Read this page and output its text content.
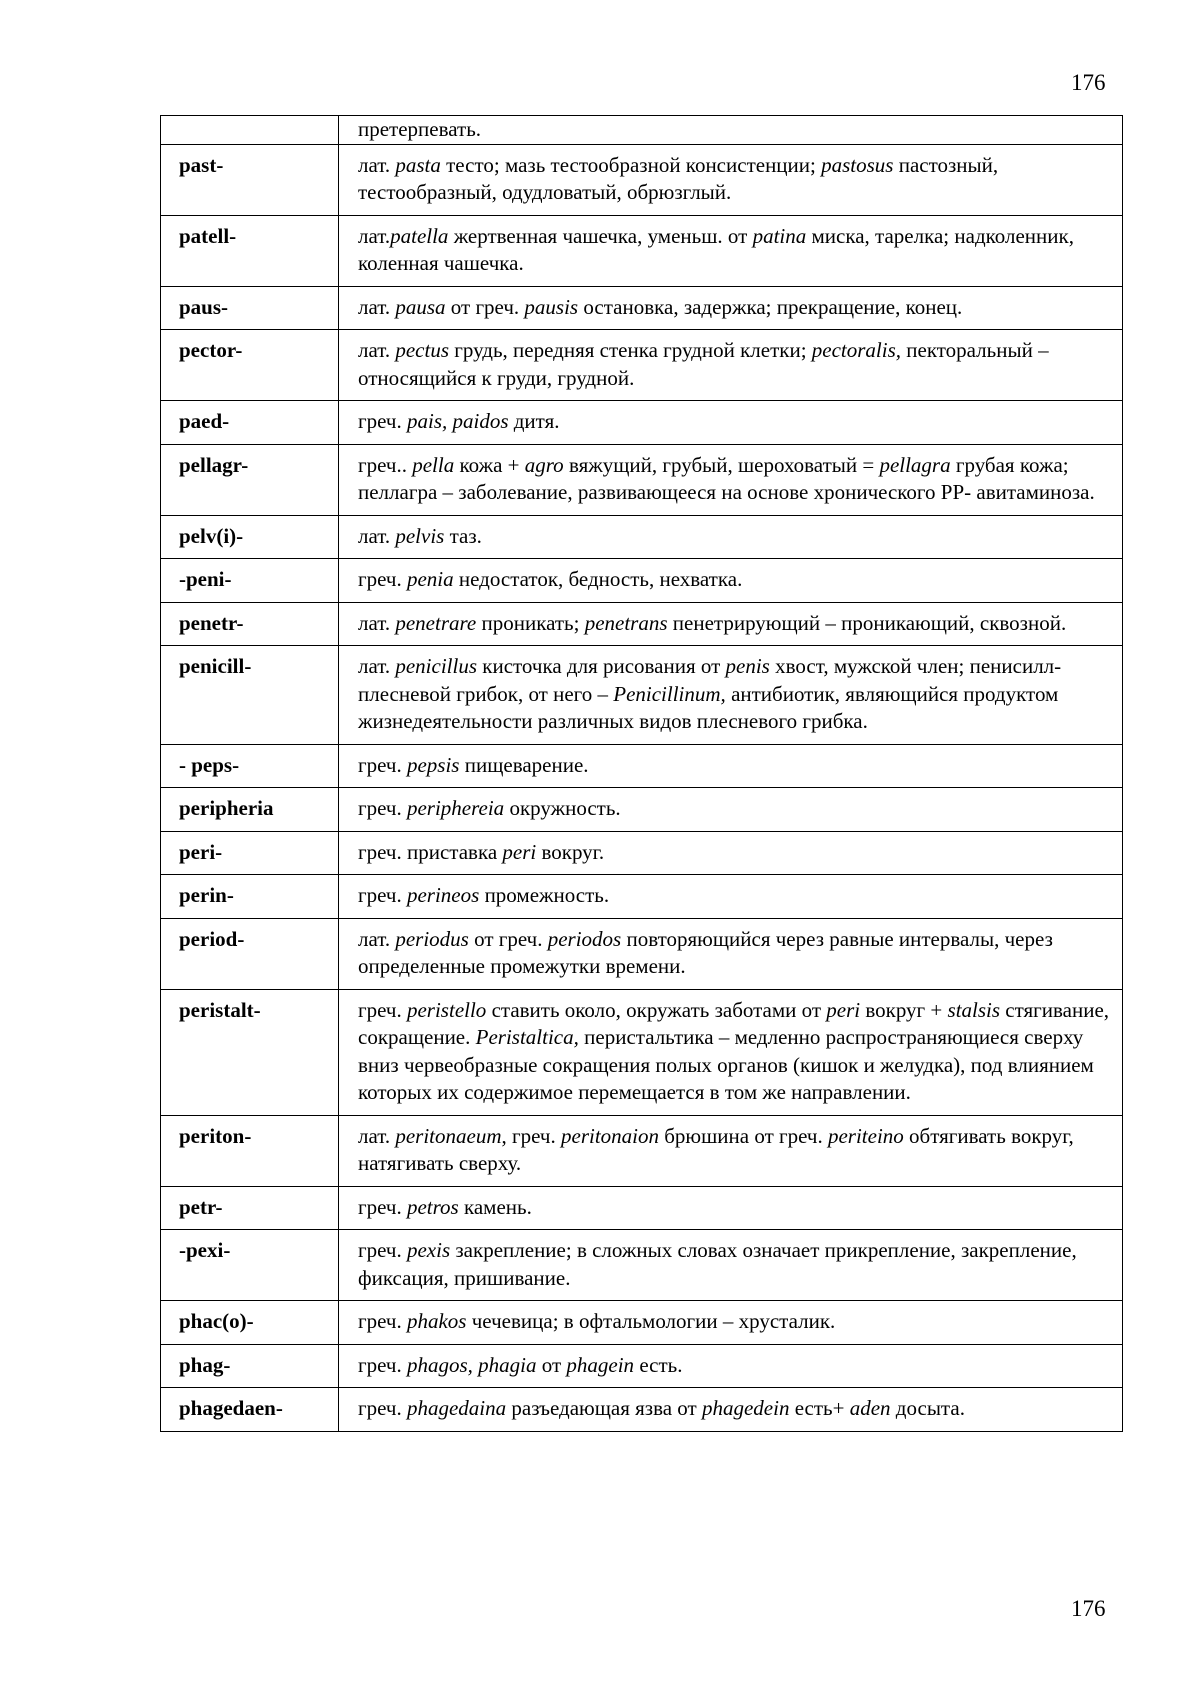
176
	претерпевать.
past-	лат. pasta тесто; мазь тестообразной консистенции; pastosus пастозный, тестообразный, одудловатый, обрюзглый.
patell-	лат.patella жертвенная чашечка, уменьш. от patina миска, тарелка; надколенник, коленная чашечка.
paus-	лат. pausa от греч. pausis остановка, задержка; прекращение, конец.
pector-	лат. pectus грудь, передняя стенка грудной клетки; pectoralis, пекторальный – относящийся к груди, грудной.
paed-	греч. pais, paidos дитя.
pellagr-	греч.. pella кожа + agro вяжущий, грубый, шероховатый = pellagra грубая кожа; пеллагра – заболевание, развивающееся на основе хронического РР- авитаминоза.
pelv(i)-	лат. pelvis таз.
-peni-	греч. penia недостаток, бедность, нехватка.
penetr-	лат. penetrare проникать; penetrans пенетрирующий – проникающий, сквозной.
penicill-	лат. penicillus кисточка для рисования от penis хвост, мужской член; пенисилл- плесневой грибок, от него – Penicillinum, антибиотик, являющийся продуктом жизнедеятельности различных видов плесневого грибка.
- peps-	греч. pepsis пищеварение.
peripheria	греч. periphereia окружность.
peri-	греч. приставка peri вокруг.
perin-	греч. perineos промежность.
period-	лат. periodus от греч. periodos повторяющийся через равные интервалы, через определенные промежутки времени.
peristalt-	греч. peristello ставить около, окружать заботами от peri вокруг + stalsis стягивание, сокращение. Peristaltica, перистальтика – медленно распространяющиеся сверху вниз червеобразные сокращения полых органов (кишок и желудка), под влиянием которых их содержимое перемещается в том же направлении.
periton-	лат. peritonaeum, греч. peritonaion брюшина от греч. periteino обтягивать вокруг, натягивать сверху.
petr-	греч. petros камень.
-pexi-	греч. pexis закрепление; в сложных словах означает прикрепление, закрепление, фиксация, пришивание.
phac(o)-	греч. phakos чечевица; в офтальмологии – хрусталик.
phag-	греч. phagos, phagia от phagein есть.
phagedaen-	греч. phagedaina разъедающая язва от phagedein есть+ aden досыта.
176
